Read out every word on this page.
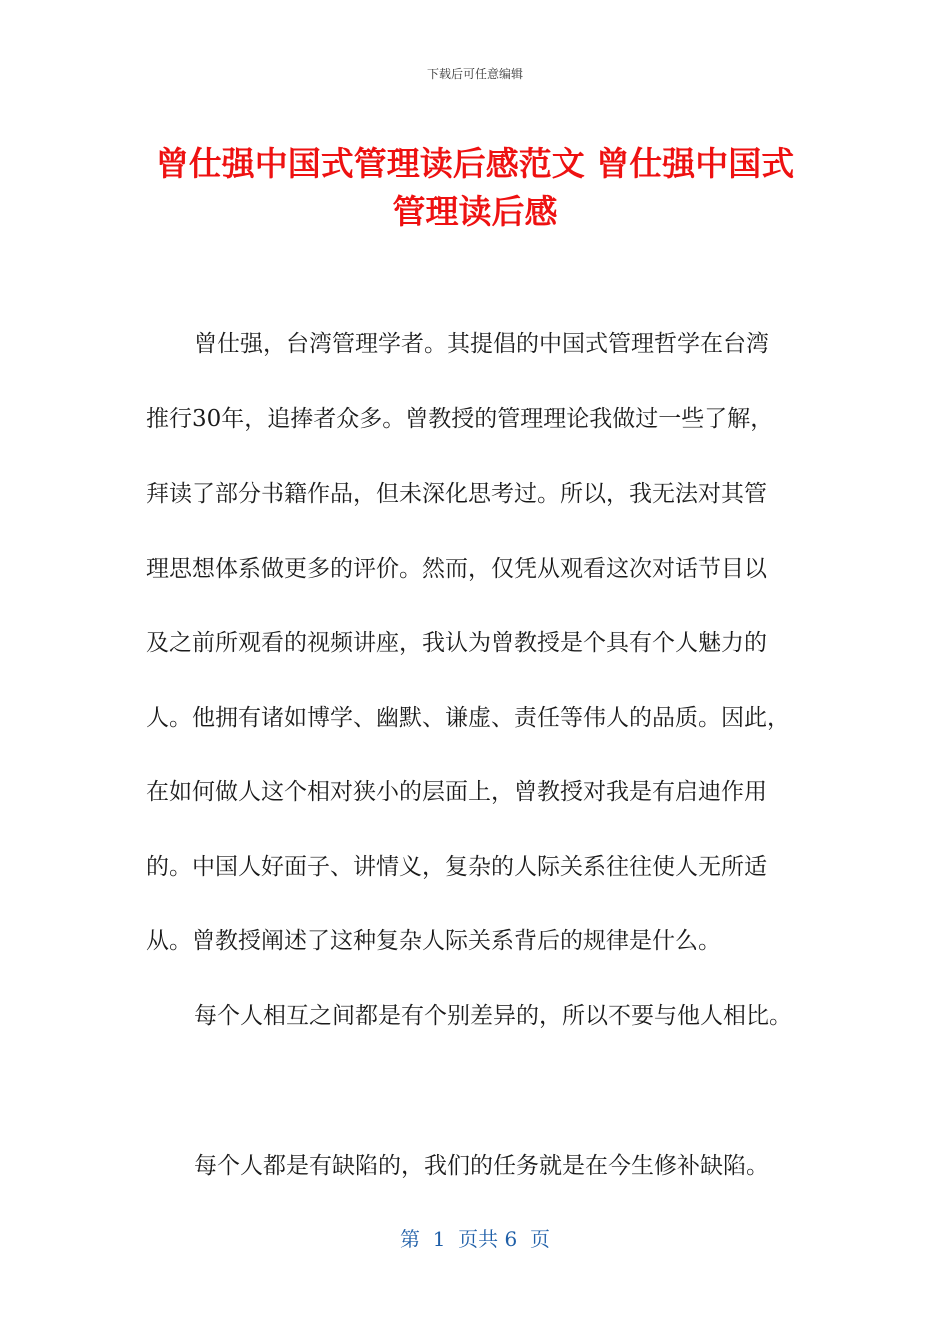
下载后可任意编辑
曾仕强中国式管理读后感范文 曾仕强中国式
管理读后感
曾仕强，台湾管理学者。其提倡的中国式管理哲学在台湾
推行30年，追捧者众多。曾教授的管理理论我做过一些了解，
拜读了部分书籍作品，但未深化思考过。所以，我无法对其管
理思想体系做更多的评价。然而，仅凭从观看这次对话节目以
及之前所观看的视频讲座，我认为曾教授是个具有个人魅力的
人。他拥有诸如博学、幽默、谦虚、责任等伟人的品质。因此，
在如何做人这个相对狭小的层面上，曾教授对我是有启迪作用
的。中国人好面子、讲情义，复杂的人际关系往往使人无所适
从。曾教授阐述了这种复杂人际关系背后的规律是什么。
每个人相互之间都是有个别差异的，所以不要与他人相比。
每个人都是有缺陷的，我们的任务就是在今生修补缺陷。
第  1  页共 6  页
